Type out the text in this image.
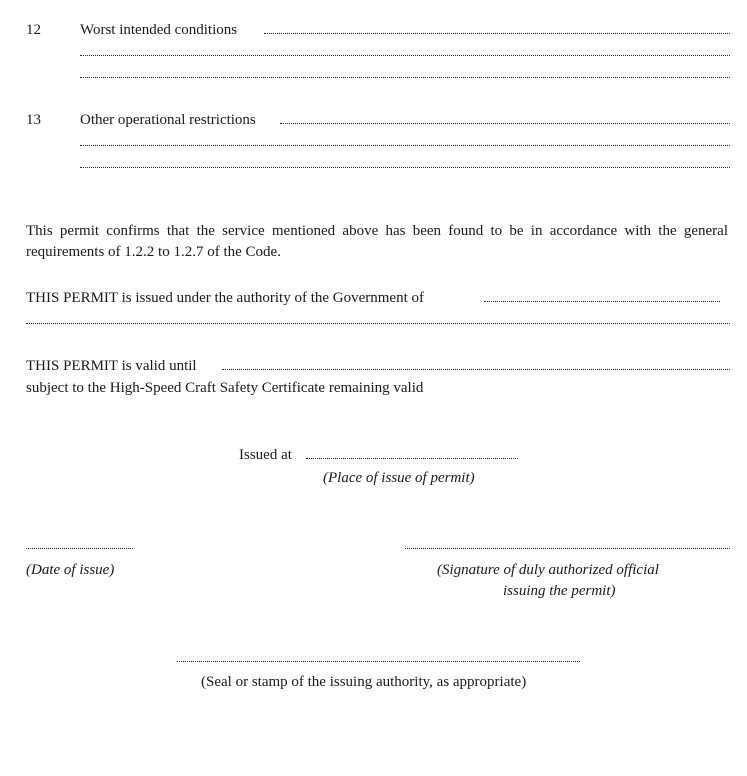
12	Worst intended conditions
13	Other operational restrictions
This permit confirms that the service mentioned above has been found to be in accordance with the general requirements of 1.2.2 to 1.2.7 of the Code.
THIS PERMIT is issued under the authority of the Government of
THIS PERMIT is valid until
subject to the High-Speed Craft Safety Certificate remaining valid
Issued at
(Place of issue of permit)
(Date of issue)	(Signature of duly authorized official
issuing the permit)
(Seal or stamp of the issuing authority, as appropriate)
